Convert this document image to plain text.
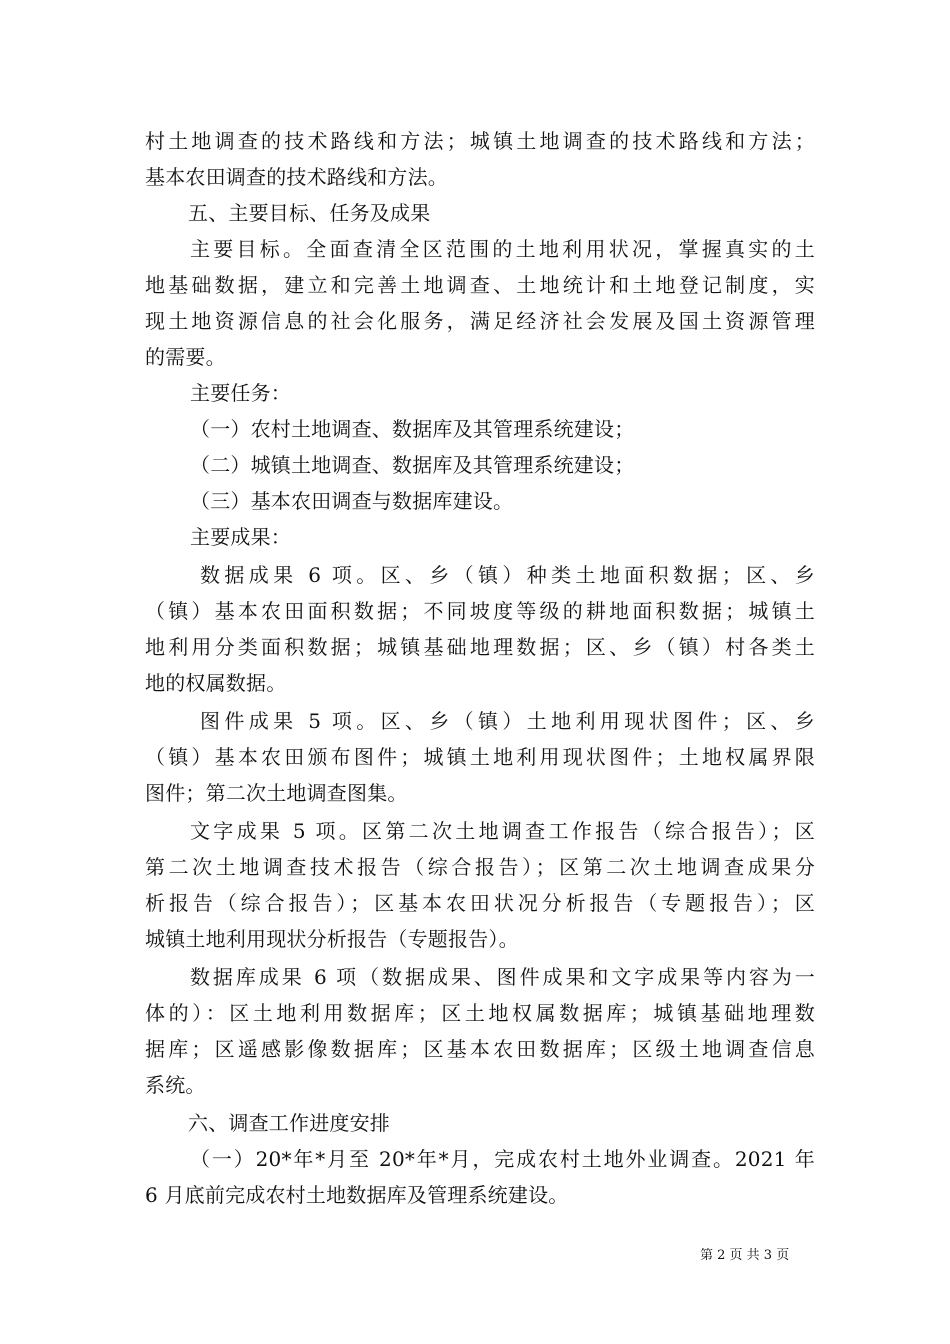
村土地调查的技术路线和方法；城镇土地调查的技术路线和方法；
基本农田调查的技术路线和方法。
五、主要目标、任务及成果
主要目标。全面查清全区范围的土地利用状况，掌握真实的土
地基础数据，建立和完善土地调查、土地统计和土地登记制度，实
现土地资源信息的社会化服务，满足经济社会发展及国土资源管理
的需要。
主要任务：
（一）农村土地调查、数据库及其管理系统建设；
（二）城镇土地调查、数据库及其管理系统建设；
（三）基本农田调查与数据库建设。
主要成果：
数据成果 6 项。区、乡（镇）种类土地面积数据；区、乡
（镇）基本农田面积数据；不同坡度等级的耕地面积数据；城镇土
地利用分类面积数据；城镇基础地理数据；区、乡（镇）村各类土
地的权属数据。
图件成果 5 项。区、乡（镇）土地利用现状图件；区、乡
（镇）基本农田颁布图件；城镇土地利用现状图件；土地权属界限
图件；第二次土地调查图集。
文字成果 5 项。区第二次土地调查工作报告（综合报告）；区
第二次土地调查技术报告（综合报告）；区第二次土地调查成果分
析报告（综合报告）；区基本农田状况分析报告（专题报告）；区
城镇土地利用现状分析报告（专题报告）。
数据库成果 6 项（数据成果、图件成果和文字成果等内容为一
体的）：区土地利用数据库；区土地权属数据库；城镇基础地理数
据库；区遥感影像数据库；区基本农田数据库；区级土地调查信息
系统。
六、调查工作进度安排
（一）20*年*月至 20*年*月，完成农村土地外业调查。2021 年
6 月底前完成农村土地数据库及管理系统建设。
第 2 页 共 3 页
